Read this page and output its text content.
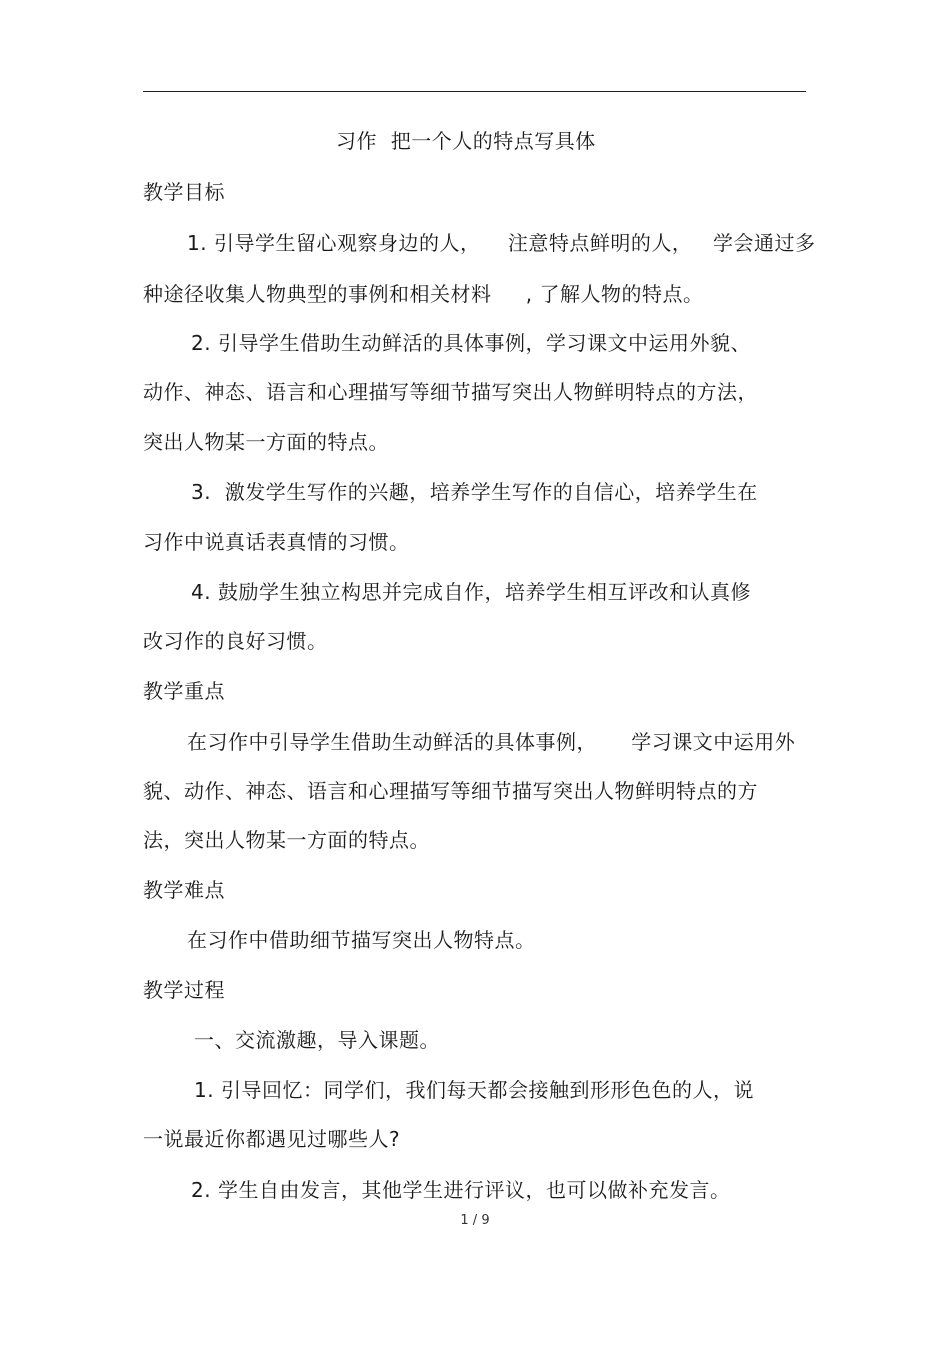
习作  把一个人的特点写具体
教学目标
1. 引导学生留心观察身边的人，    注意特点鲜明的人，   学会通过多
种途径收集人物典型的事例和相关材料     , 了解人物的特点。
2. 引导学生借助生动鲜活的具体事例，学习课文中运用外貌、
动作、神态、语言和心理描写等细节描写突出人物鲜明特点的方法，
突出人物某一方面的特点。
3.  激发学生写作的兴趣，培养学生写作的自信心，培养学生在
习作中说真话表真情的习惯。
4. 鼓励学生独立构思并完成自作，培养学生相互评改和认真修
改习作的良好习惯。
教学重点
在习作中引导学生借助生动鲜活的具体事例，     学习课文中运用外
貌、动作、神态、语言和心理描写等细节描写突出人物鲜明特点的方
法，突出人物某一方面的特点。
教学难点
在习作中借助细节描写突出人物特点。
教学过程
一、交流激趣，导入课题。
1. 引导回忆：同学们，我们每天都会接触到形形色色的人，说
一说最近你都遇见过哪些人?
2. 学生自由发言，其他学生进行评议，也可以做补充发言。
1 / 9
